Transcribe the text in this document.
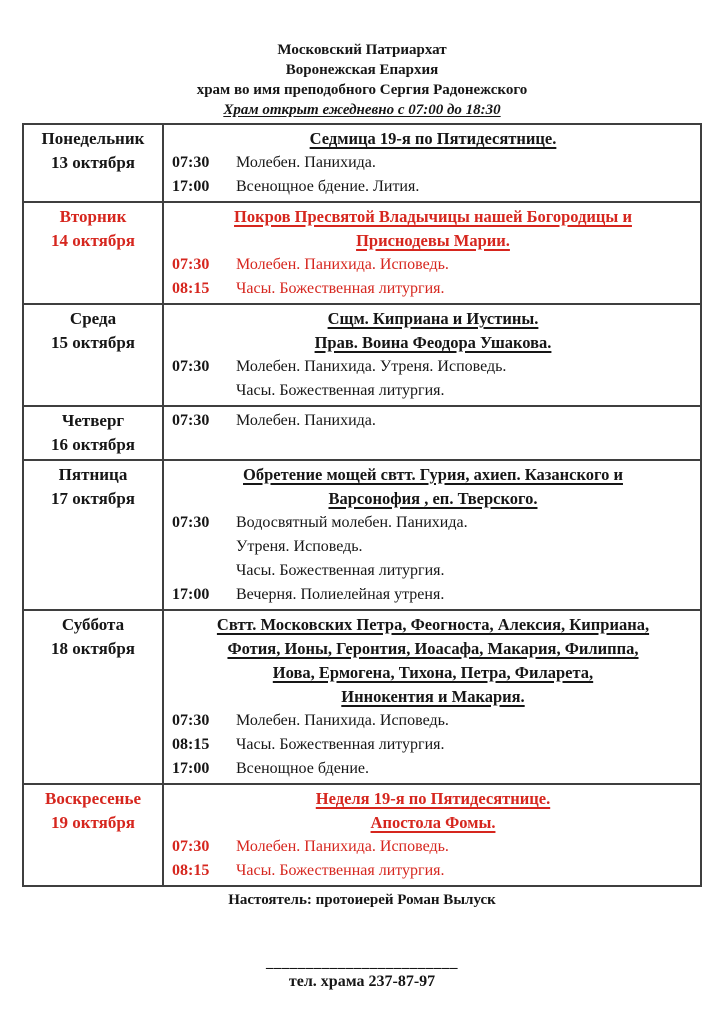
Московский Патриархат
Воронежская Епархия
храм во имя преподобного Сергия Радонежского
Храм открыт ежедневно с 07:00 до 18:30
Понедельник
13 октября

Седмица 19-я по Пятидесятнице.
07:30	Молебен. Панихида.
17:00	Всенощное бдение. Лития.

Вторник
14 октября

Покров Пресвятой Владычицы нашей Богородицы и
Приснодевы Марии.
07:30	Молебен. Панихида. Исповедь.
08:15	Часы. Божественная литургия.

Среда
15 октября

Сщм. Киприана и Иустины.
Прав. Воина Феодора Ушакова.
07:30	Молебен. Панихида. Утреня. Исповедь.
Часы. Божественная литургия.

Четверг
16 октября

07:30	Молебен. Панихида.

Пятница
17 октября

Обретение мощей свтт. Гурия, ахиеп. Казанского и
Варсонофия , еп. Тверского.
07:30	Водосвятный молебен. Панихида.
Утреня. Исповедь.
Часы. Божественная литургия.
17:00	Вечерня. Полиелейная утреня.

Суббота
18 октября

Свтт. Московских Петра, Феогноста, Алексия, Киприана,
Фотия, Ионы, Геронтия, Иоасафа, Макария, Филиппа,
Иова, Ермогена, Тихона, Петра, Филарета,
Иннокентия и Макария.
07:30	Молебен. Панихида. Исповедь.
08:15	Часы. Божественная литургия.
17:00	Всенощное бдение.

Воскресенье
19 октября

Неделя 19-я по Пятидесятнице.
Апостола Фомы.
07:30	Молебен. Панихида. Исповедь.
08:15	Часы. Божественная литургия.
Настоятель: протоиерей Роман Вылуск
________________________
тел. храма 237-87-97
